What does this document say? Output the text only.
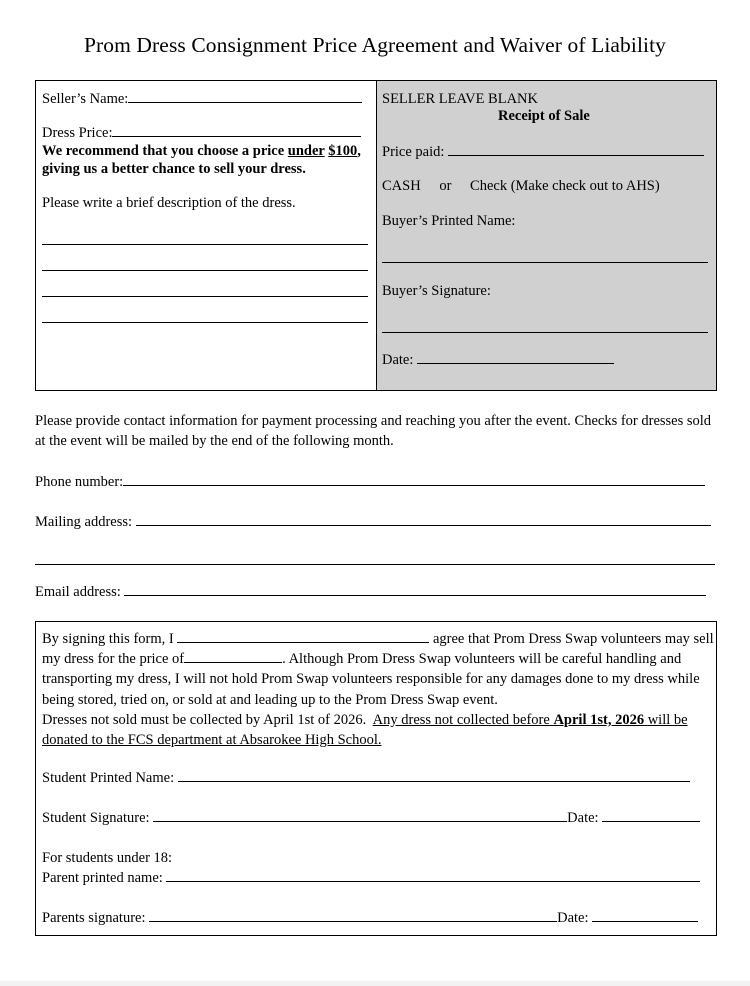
Prom Dress Consignment Price Agreement and Waiver of Liability
Seller’s Name:
Dress Price:
We recommend that you choose a price under $100, giving us a better chance to sell your dress.
Please write a brief description of the dress.
SELLER LEAVE BLANK
Receipt of Sale
Price paid:
CASH or Check (Make check out to AHS)
Buyer’s Printed Name:
Buyer’s Signature:
Date:
Please provide contact information for payment processing and reaching you after the event. Checks for dresses sold at the event will be mailed by the end of the following month.
Phone number:
Mailing address:
Email address:
By signing this form, I	agree that Prom Dress Swap volunteers may sell my dress for the price of	. Although Prom Dress Swap volunteers will be careful handling and transporting my dress, I will not hold Prom Swap volunteers responsible for any damages done to my dress while being stored, tried on, or sold at and leading up to the Prom Dress Swap event.
Dresses not sold must be collected by April 1st of 2026. Any dress not collected before April 1st, 2026 will be donated to the FCS department at Absarokee High School.
Student Printed Name:
Student Signature:	Date:
For students under 18:
Parent printed name:
Parents signature:	Date:
